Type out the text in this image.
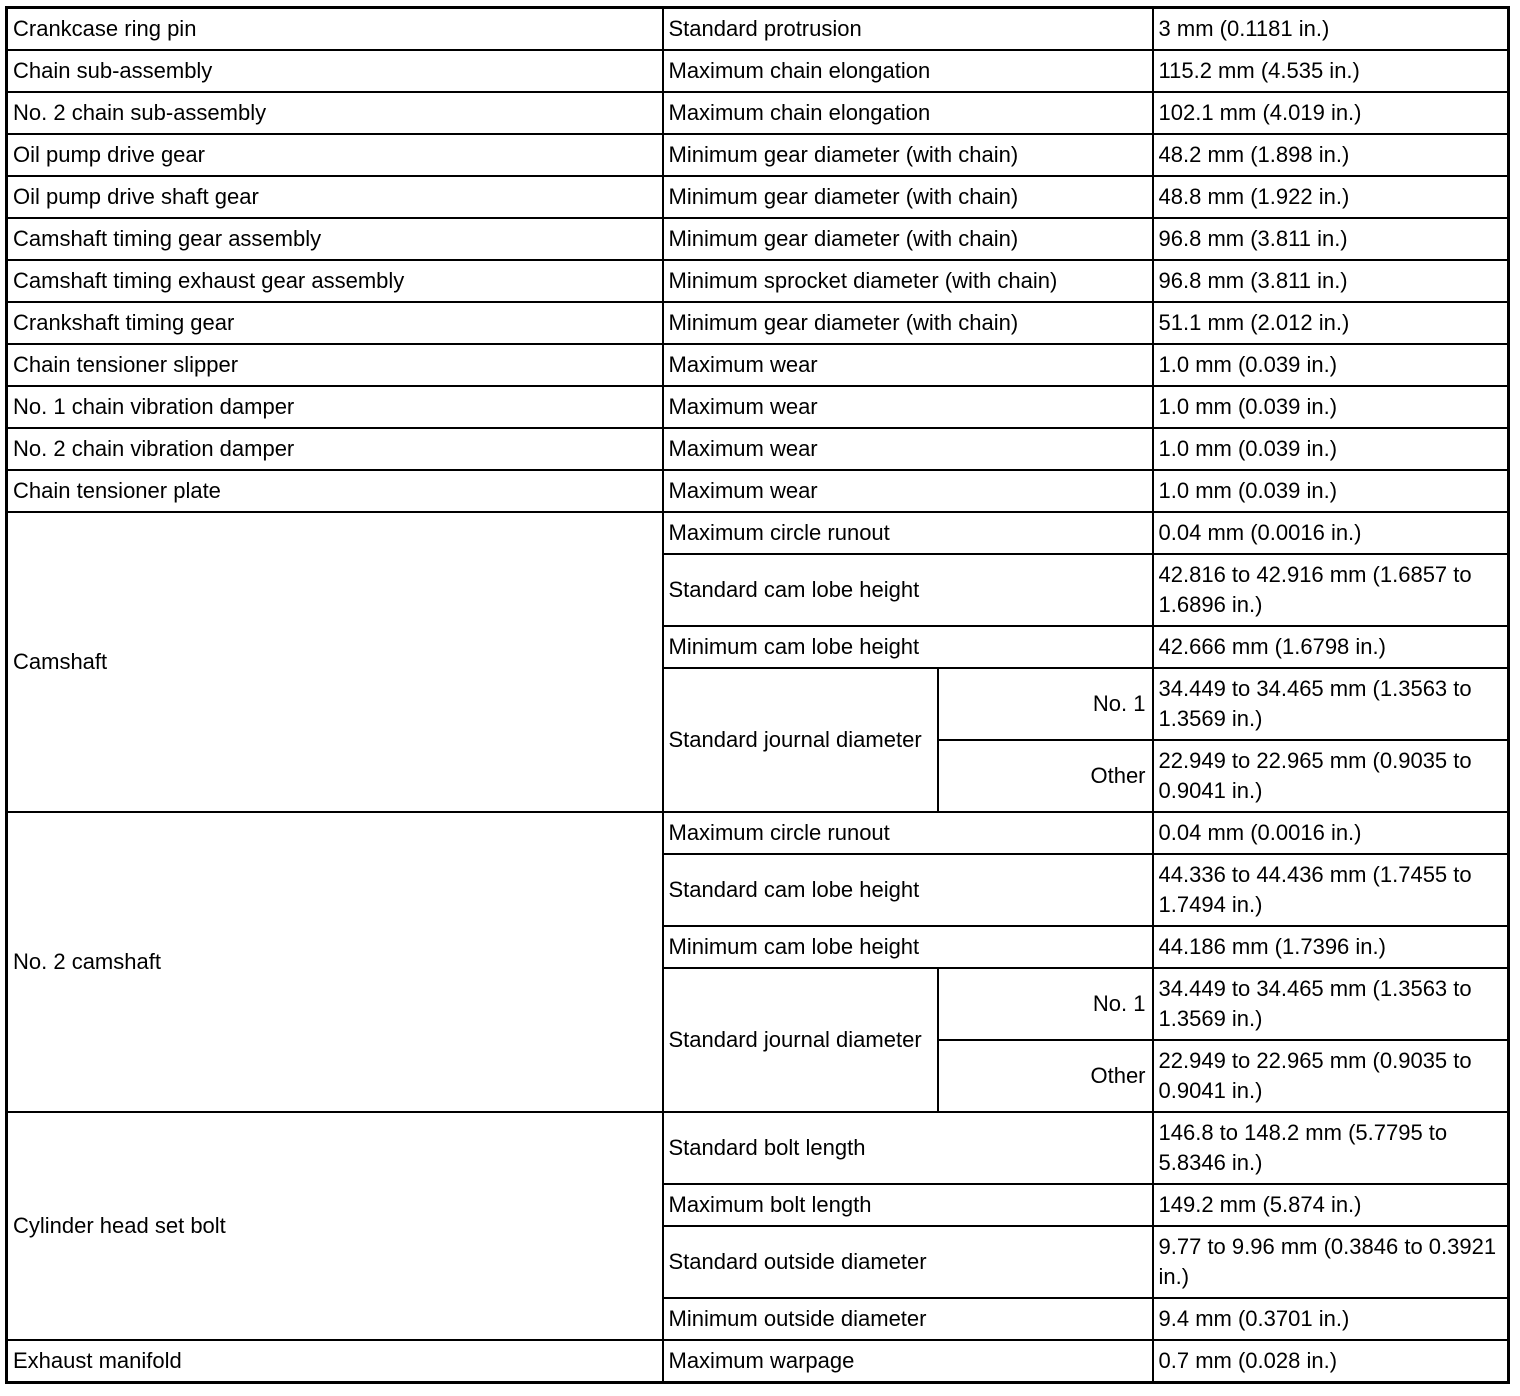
Crankcase ring pin	Standard protrusion		3 mm (0.1181 in.)
Chain sub-assembly	Maximum chain elongation		115.2 mm (4.535 in.)
No. 2 chain sub-assembly	Maximum chain elongation		102.1 mm (4.019 in.)
Oil pump drive gear	Minimum gear diameter (with chain)		48.2 mm (1.898 in.)
Oil pump drive shaft gear	Minimum gear diameter (with chain)		48.8 mm (1.922 in.)
Camshaft timing gear assembly	Minimum gear diameter (with chain)		96.8 mm (3.811 in.)
Camshaft timing exhaust gear assembly	Minimum sprocket diameter (with chain)		96.8 mm (3.811 in.)
Crankshaft timing gear	Minimum gear diameter (with chain)		51.1 mm (2.012 in.)
Chain tensioner slipper	Maximum wear		1.0 mm (0.039 in.)
No. 1 chain vibration damper	Maximum wear		1.0 mm (0.039 in.)
No. 2 chain vibration damper	Maximum wear		1.0 mm (0.039 in.)
Chain tensioner plate	Maximum wear		1.0 mm (0.039 in.)
Camshaft	Maximum circle runout		0.04 mm (0.0016 in.)
	Standard cam lobe height		42.816 to 42.916 mm (1.6857 to 1.6896 in.)
	Minimum cam lobe height		42.666 mm (1.6798 in.)
	Standard journal diameter	No. 1	34.449 to 34.465 mm (1.3563 to 1.3569 in.)
		Other	22.949 to 22.965 mm (0.9035 to 0.9041 in.)
No. 2 camshaft	Maximum circle runout		0.04 mm (0.0016 in.)
	Standard cam lobe height		44.336 to 44.436 mm (1.7455 to 1.7494 in.)
	Minimum cam lobe height		44.186 mm (1.7396 in.)
	Standard journal diameter	No. 1	34.449 to 34.465 mm (1.3563 to 1.3569 in.)
		Other	22.949 to 22.965 mm (0.9035 to 0.9041 in.)
Cylinder head set bolt	Standard bolt length		146.8 to 148.2 mm (5.7795 to 5.8346 in.)
	Maximum bolt length		149.2 mm (5.874 in.)
	Standard outside diameter		9.77 to 9.96 mm (0.3846 to 0.3921 in.)
	Minimum outside diameter		9.4 mm (0.3701 in.)
Exhaust manifold	Maximum warpage		0.7 mm (0.028 in.)
